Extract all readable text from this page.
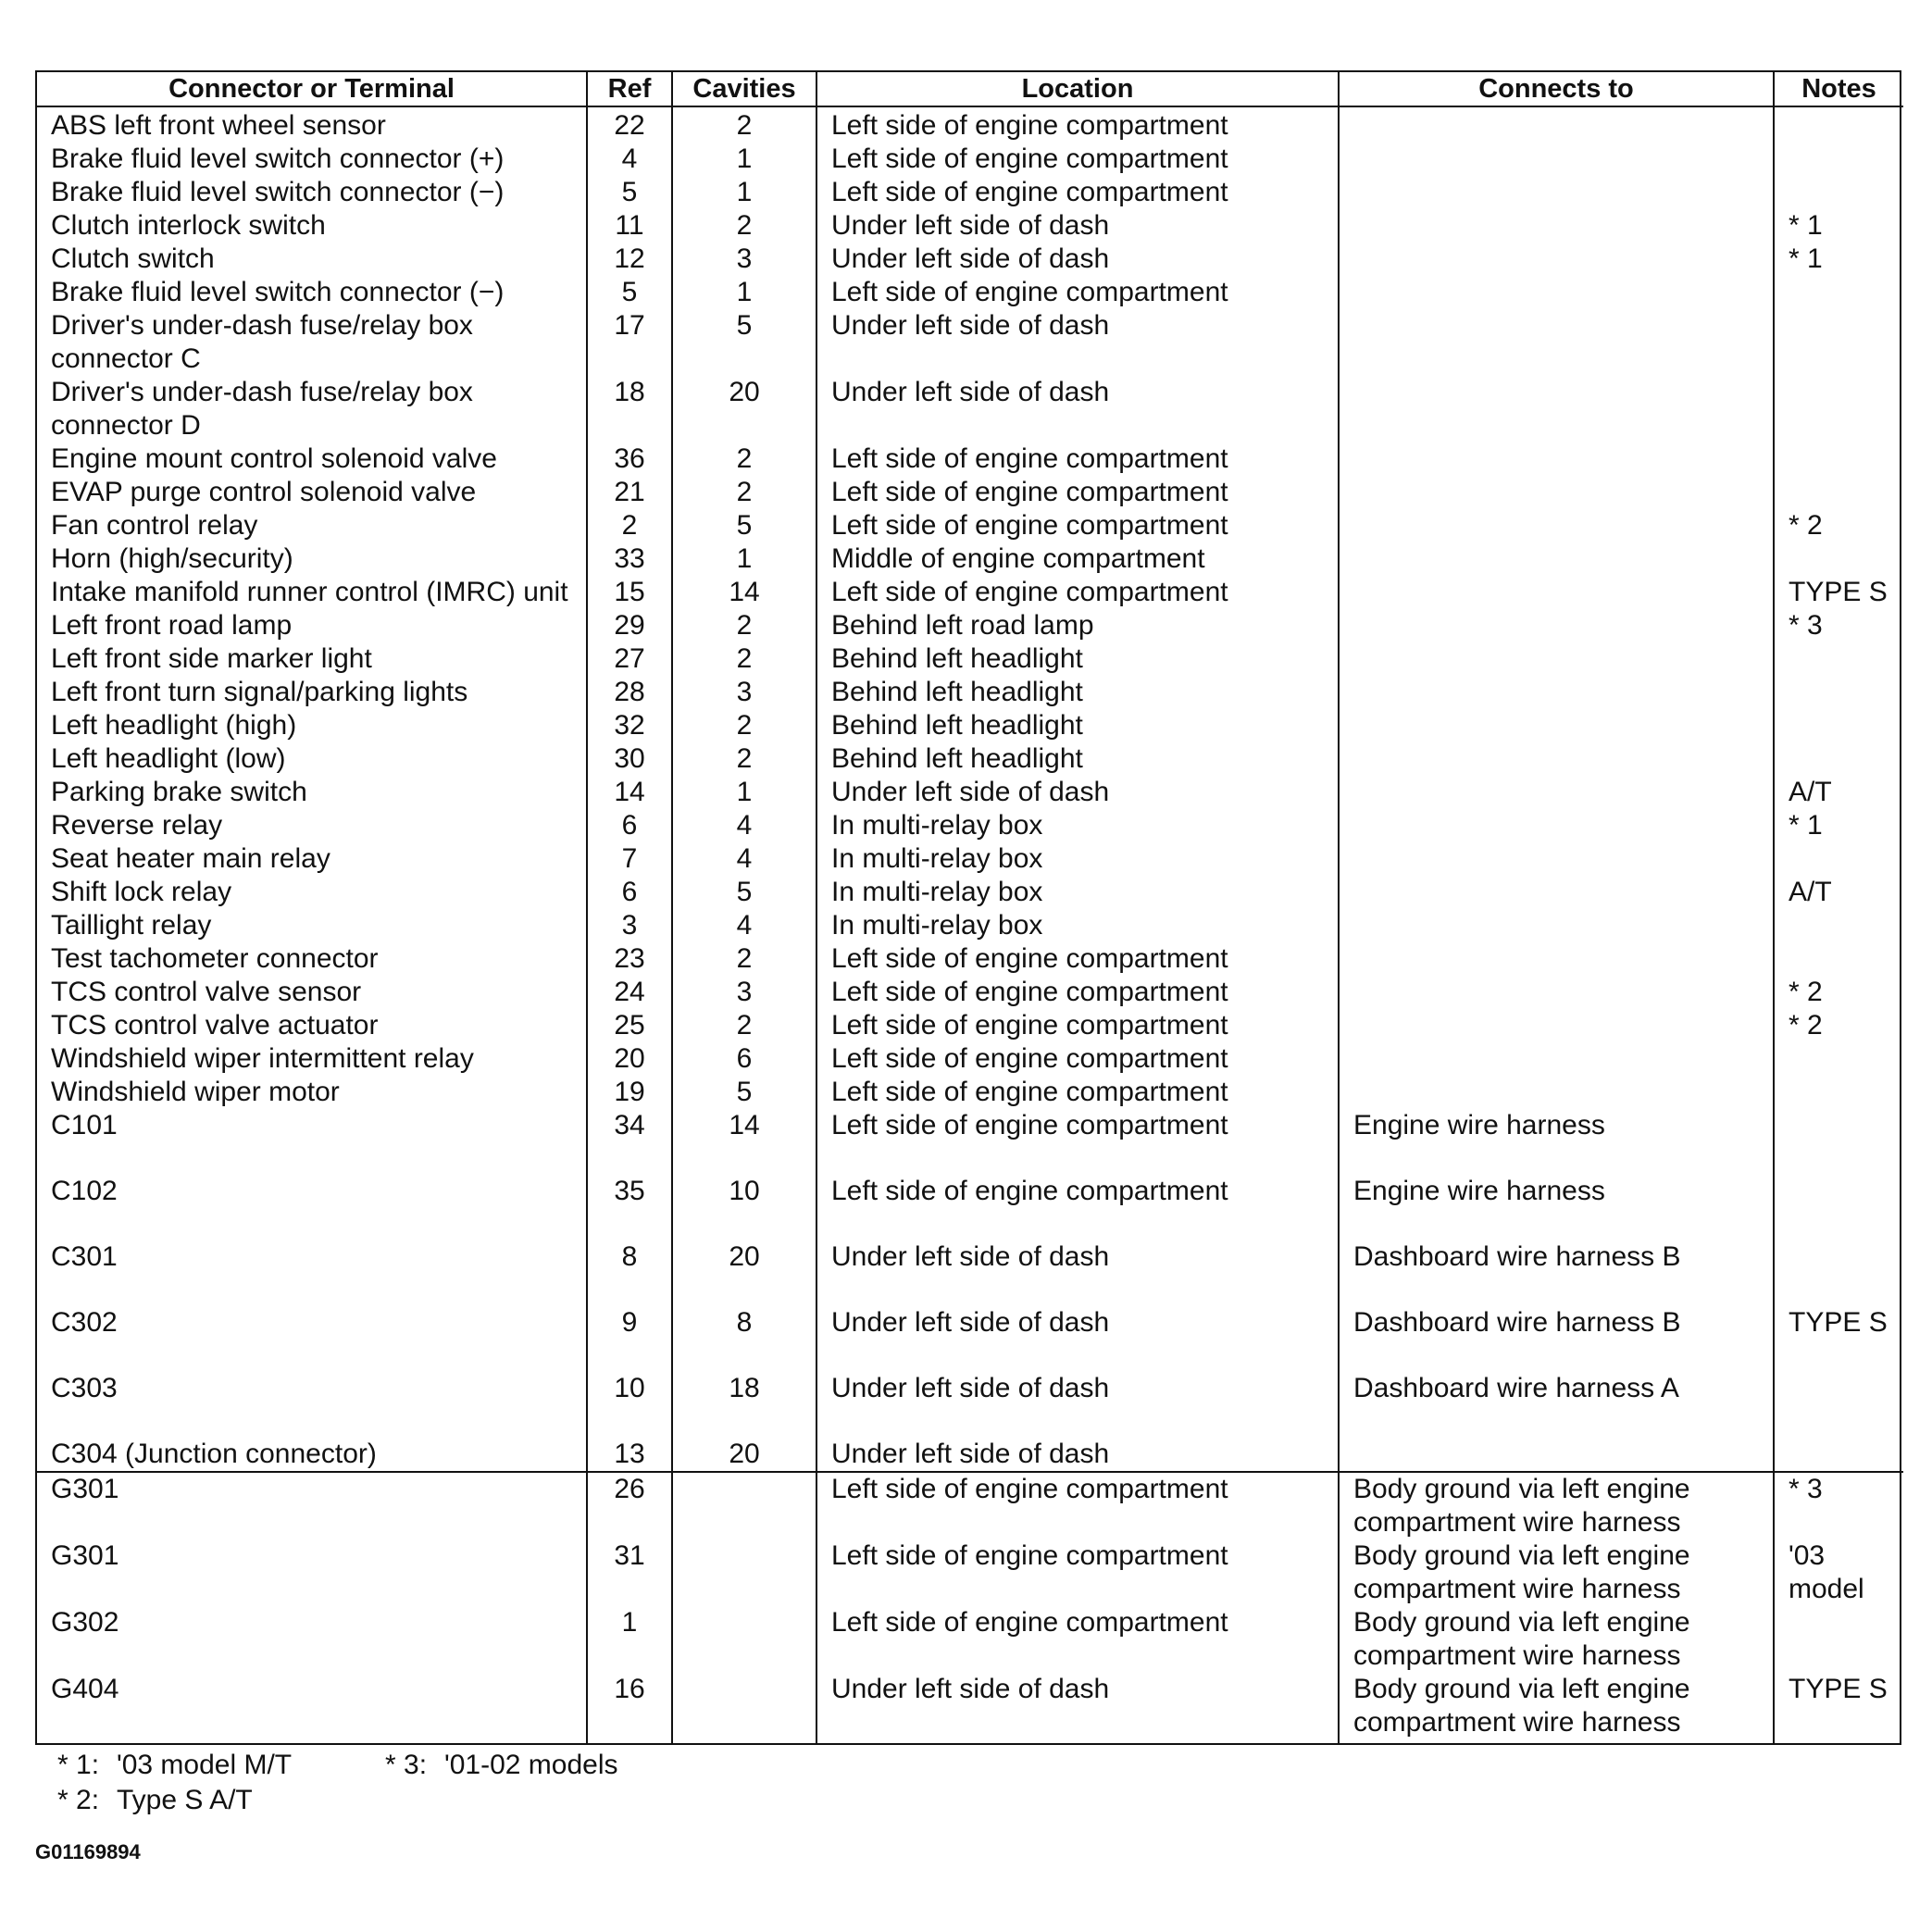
Connector or Terminal	Ref	Cavities	Location	Connects to	Notes
ABS left front wheel sensor	22	2	Left side of engine compartment		
Brake fluid level switch connector (+)	4	1	Left side of engine compartment		
Brake fluid level switch connector (−)	5	1	Left side of engine compartment		
Clutch interlock switch	11	2	Under left side of dash		* 1
Clutch switch	12	3	Under left side of dash		* 1
Brake fluid level switch connector (−)	5	1	Left side of engine compartment		
Driver's under-dash fuse/relay box connector C	17	5	Under left side of dash		
Driver's under-dash fuse/relay box connector D	18	20	Under left side of dash		
Engine mount control solenoid valve	36	2	Left side of engine compartment		
EVAP purge control solenoid valve	21	2	Left side of engine compartment		
Fan control relay	2	5	Left side of engine compartment		* 2
Horn (high/security)	33	1	Middle of engine compartment		
Intake manifold runner control (IMRC) unit	15	14	Left side of engine compartment		TYPE S
Left front road lamp	29	2	Behind left road lamp		* 3
Left front side marker light	27	2	Behind left headlight		
Left front turn signal/parking lights	28	3	Behind left headlight		
Left headlight (high)	32	2	Behind left headlight		
Left headlight (low)	30	2	Behind left headlight		
Parking brake switch	14	1	Under left side of dash		A/T
Reverse relay	6	4	In multi-relay box		* 1
Seat heater main relay	7	4	In multi-relay box		
Shift lock relay	6	5	In multi-relay box		A/T
Taillight relay	3	4	In multi-relay box		
Test tachometer connector	23	2	Left side of engine compartment		
TCS control valve sensor	24	3	Left side of engine compartment		* 2
TCS control valve actuator	25	2	Left side of engine compartment		* 2
Windshield wiper intermittent relay	20	6	Left side of engine compartment		
Windshield wiper motor	19	5	Left side of engine compartment		
C101	34	14	Left side of engine compartment	Engine wire harness	
C102	35	10	Left side of engine compartment	Engine wire harness	
C301	8	20	Under left side of dash	Dashboard wire harness B	
C302	9	8	Under left side of dash	Dashboard wire harness B	TYPE S
C303	10	18	Under left side of dash	Dashboard wire harness A	
C304 (Junction connector)	13	20	Under left side of dash		
G301	26		Left side of engine compartment	Body ground via left engine compartment wire harness	* 3
G301	31		Left side of engine compartment	Body ground via left engine compartment wire harness	'03 model
G302	1		Left side of engine compartment	Body ground via left engine compartment wire harness	
G404	16		Under left side of dash	Body ground via left engine compartment wire harness	TYPE S
* 1: '03 model M/T	* 3: '01-02 models
* 2: Type S A/T
G01169894
